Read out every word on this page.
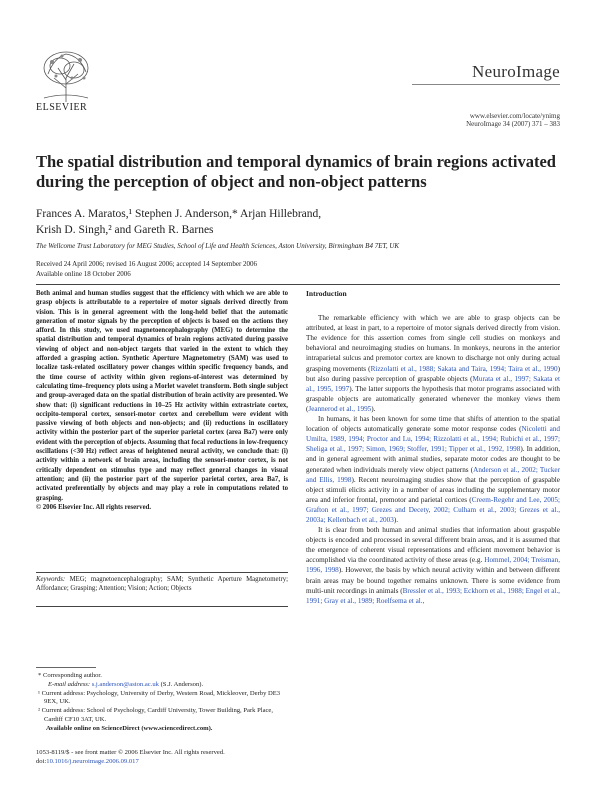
ELSEVIER
NeuroImage
www.elsevier.com/locate/ynimg
NeuroImage 34 (2007) 371 – 383
The spatial distribution and temporal dynamics of brain regions activated during the perception of object and non-object patterns
Frances A. Maratos,¹ Stephen J. Anderson,* Arjan Hillebrand,
Krish D. Singh,² and Gareth R. Barnes
The Wellcome Trust Laboratory for MEG Studies, School of Life and Health Sciences, Aston University, Birmingham B4 7ET, UK
Received 24 April 2006; revised 16 August 2006; accepted 14 September 2006
Available online 18 October 2006

Both animal and human studies suggest that the efficiency with which we are able to grasp objects is attributable to a repertoire of motor signals derived directly from vision. This is in general agreement with the long-held belief that the automatic generation of motor signals by the perception of objects is based on the actions they afford. In this study, we used magnetoencephalography (MEG) to determine the spatial distribution and temporal dynamics of brain regions activated during passive viewing of object and non-object targets that varied in the extent to which they afforded a grasping action. Synthetic Aperture Magnetometry (SAM) was used to localize task-related oscillatory power changes within specific frequency bands, and the time course of activity within given regions-of-interest was determined by calculating time–frequency plots using a Morlet wavelet transform. Both single subject and group-averaged data on the spatial distribution of brain activity are presented. We show that: (i) significant reductions in 10–25 Hz activity within extrastriate cortex, occipito-temporal cortex, sensori-motor cortex and cerebellum were evident with passive viewing of both objects and non-objects; and (ii) reductions in oscillatory activity within the posterior part of the superior parietal cortex (area Ba7) were only evident with the perception of objects. Assuming that focal reductions in low-frequency oscillations (<30 Hz) reflect areas of heightened neural activity, we conclude that: (i) activity within a network of brain areas, including the sensori-motor cortex, is not critically dependent on stimulus type and may reflect general changes in visual attention; and (ii) the posterior part of the superior parietal cortex, area Ba7, is activated preferentially by objects and may play a role in computations related to grasping.

© 2006 Elsevier Inc. All rights reserved.

Keywords: MEG; magnetoencephalography; SAM; Synthetic Aperture Magnetometry; Affordance; Grasping; Attention; Vision; Action; Objects

* Corresponding author.

E-mail address: s.j.anderson@aston.ac.uk (S.J. Anderson).

¹ Current address: Psychology, University of Derby, Western Road, Mickleover, Derby DE3 9EX, UK.

² Current address: School of Psychology, Cardiff University, Tower Building, Park Place, Cardiff CF10 3AT, UK.

Available online on ScienceDirect (www.sciencedirect.com).

1053-8119/$ - see front matter © 2006 Elsevier Inc. All rights reserved.
doi:10.1016/j.neuroimage.2006.09.017
Introduction

The remarkable efficiency with which we are able to grasp objects can be attributed, at least in part, to a repertoire of motor signals derived directly from vision. The evidence for this assertion comes from single cell studies on monkeys and behavioral and neuroimaging studies on humans. In monkeys, neurons in the anterior intraparietal sulcus and premotor cortex are known to discharge not only during actual grasping movements (Rizzolatti et al., 1988; Sakata and Taira, 1994; Taira et al., 1990) but also during passive perception of graspable objects (Murata et al., 1997; Sakata et al., 1995, 1997). The latter supports the hypothesis that motor programs associated with graspable objects are automatically generated whenever the monkey views them (Jeannerod et al., 1995).

In humans, it has been known for some time that shifts of attention to the spatial location of objects automatically generate some motor response codes (Nicoletti and Umilta, 1989, 1994; Proctor and Lu, 1994; Rizzolatti et al., 1994; Rubichi et al., 1997; Sheliga et al., 1997; Simon, 1969; Stoffer, 1991; Tipper et al., 1992, 1998). In addition, and in general agreement with animal studies, separate motor codes are thought to be generated when individuals merely view object patterns (Anderson et al., 2002; Tucker and Ellis, 1998). Recent neuroimaging studies show that the perception of graspable object stimuli elicits activity in a number of areas including the supplementary motor area and inferior frontal, premotor and parietal cortices (Creem-Regehr and Lee, 2005; Grafton et al., 1997; Grezes and Decety, 2002; Culham et al., 2003; Grezes et al., 2003a; Kellenbach et al., 2003).

It is clear from both human and animal studies that information about graspable objects is encoded and processed in several different brain areas, and it is assumed that the emergence of coherent visual representations and efficient movement behavior is accomplished via the coordinated activity of these areas (e.g. Hommel, 2004; Treisman, 1996, 1998). However, the basis by which neural activity within and between different brain areas may be bound together remains unknown. There is some evidence from multi-unit recordings in animals (Bressler et al., 1993; Eckhorn et al., 1988; Engel et al., 1991; Gray et al., 1989; Roelfsema et al.,
